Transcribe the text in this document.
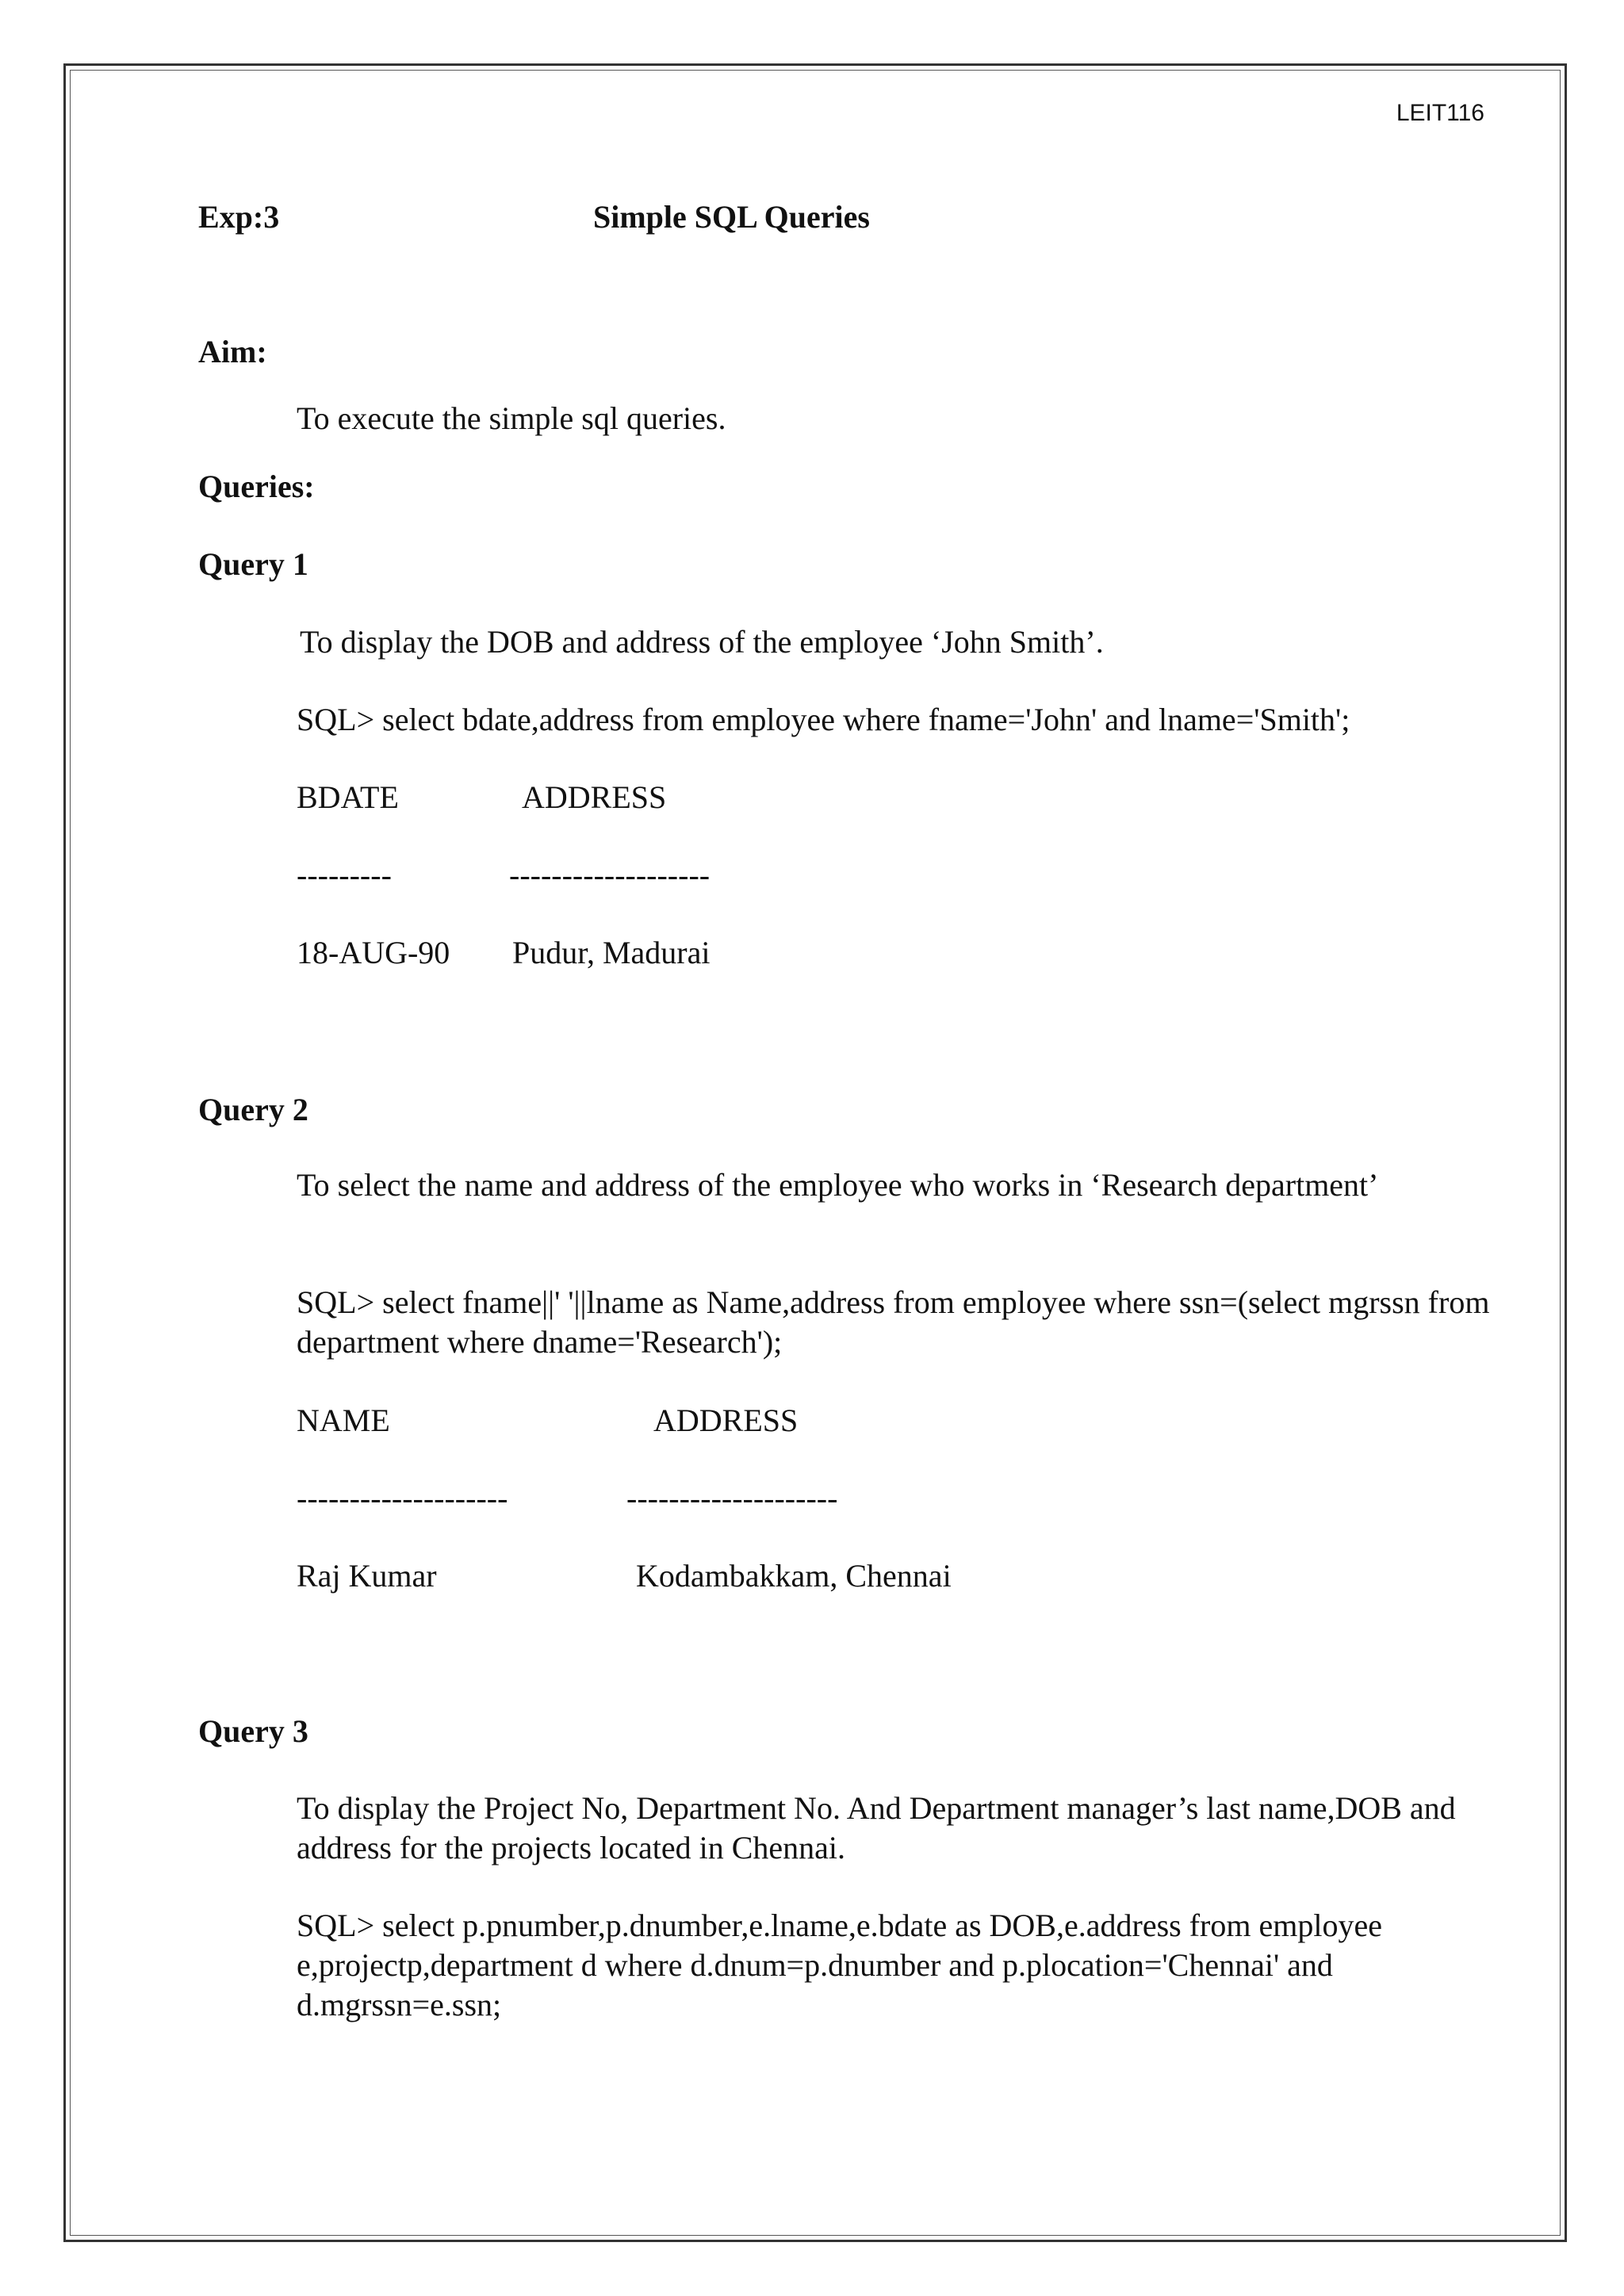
LEIT116
Exp:3	Simple SQL Queries
Aim:
To execute the simple sql queries.
Queries:
Query 1
To display the DOB and address of the employee ‘John Smith’.
SQL> select bdate,address from employee where fname='John' and lname='Smith';
BDATE	ADDRESS
---------	-------------------
18-AUG-90 Pudur, Madurai
Query 2
To select the name and address of the employee who works in ‘Research department’
SQL> select fname||' '||lname as Name,address from employee where ssn=(select mgrssn from department where dname='Research');
NAME	ADDRESS
--------------------	--------------------
Raj Kumar	Kodambakkam, Chennai
Query 3
To display the Project No, Department No. And Department manager’s last name,DOB and address for the projects located in Chennai.
SQL> select p.pnumber,p.dnumber,e.lname,e.bdate as DOB,e.address from employee e,projectp,department d where d.dnum=p.dnumber and p.plocation='Chennai' and d.mgrssn=e.ssn;
